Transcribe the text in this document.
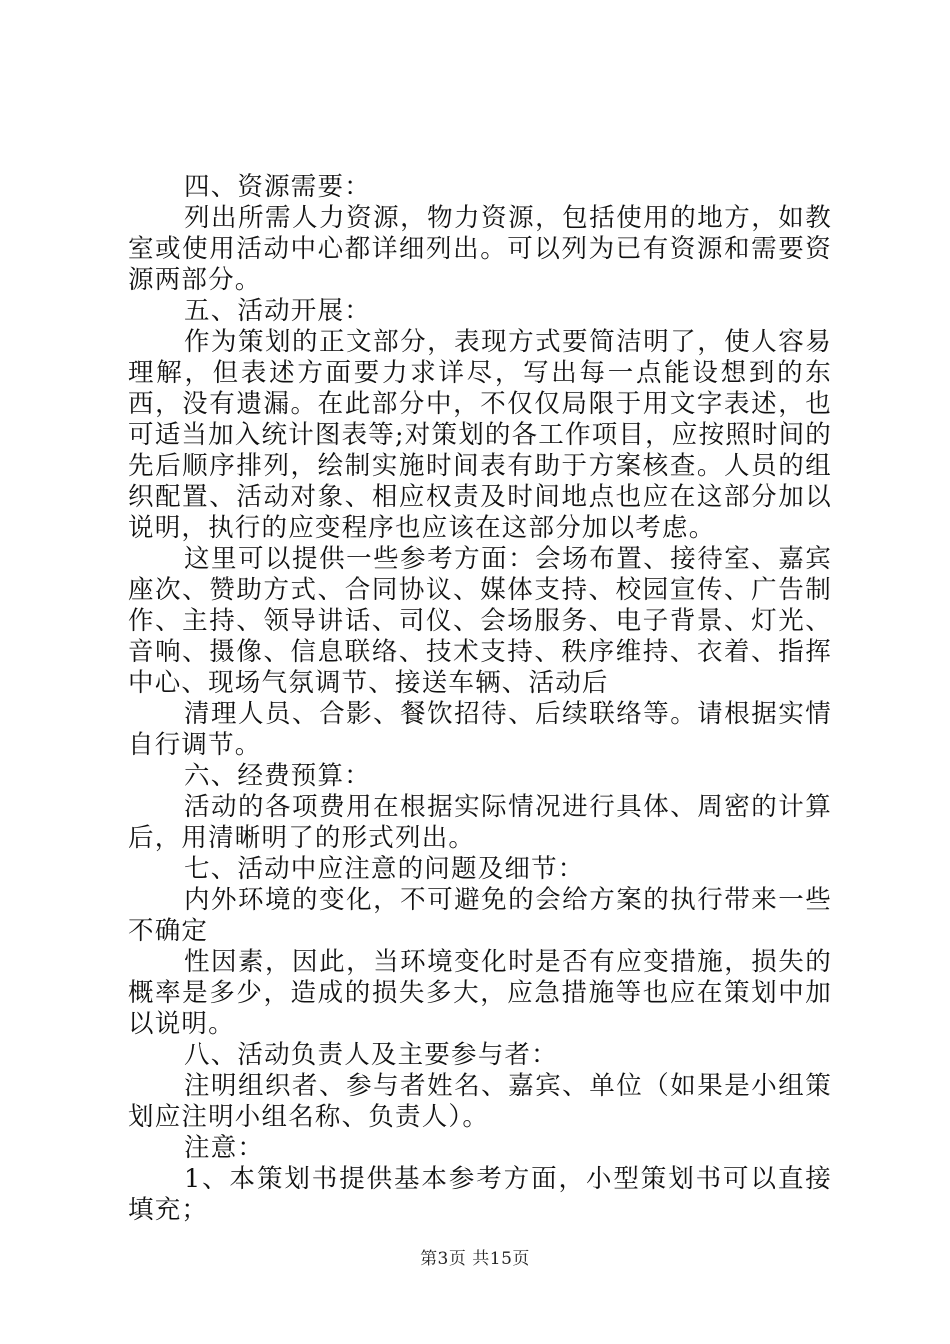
四、资源需要：

列出所需人力资源，物力资源，包括使用的地方，如教室或使用活动中心都详细列出。可以列为已有资源和需要资源两部分。

五、活动开展：

作为策划的正文部分，表现方式要简洁明了，使人容易理解，但表述方面要力求详尽，写出每一点能设想到的东西，没有遗漏。在此部分中，不仅仅局限于用文字表述，也可适当加入统计图表等;对策划的各工作项目，应按照时间的先后顺序排列，绘制实施时间表有助于方案核查。人员的组织配置、活动对象、相应权责及时间地点也应在这部分加以说明，执行的应变程序也应该在这部分加以考虑。

这里可以提供一些参考方面：会场布置、接待室、嘉宾座次、赞助方式、合同协议、媒体支持、校园宣传、广告制作、主持、领导讲话、司仪、会场服务、电子背景、灯光、音响、摄像、信息联络、技术支持、秩序维持、衣着、指挥中心、现场气氛调节、接送车辆、活动后

清理人员、合影、餐饮招待、后续联络等。请根据实情自行调节。

六、经费预算：

活动的各项费用在根据实际情况进行具体、周密的计算后，用清晰明了的形式列出。

七、活动中应注意的问题及细节：

内外环境的变化，不可避免的会给方案的执行带来一些不确定

性因素，因此，当环境变化时是否有应变措施，损失的概率是多少，造成的损失多大，应急措施等也应在策划中加以说明。

八、活动负责人及主要参与者：

注明组织者、参与者姓名、嘉宾、单位（如果是小组策划应注明小组名称、负责人）。

注意：

1、本策划书提供基本参考方面，小型策划书可以直接填充；

第3页 共15页
